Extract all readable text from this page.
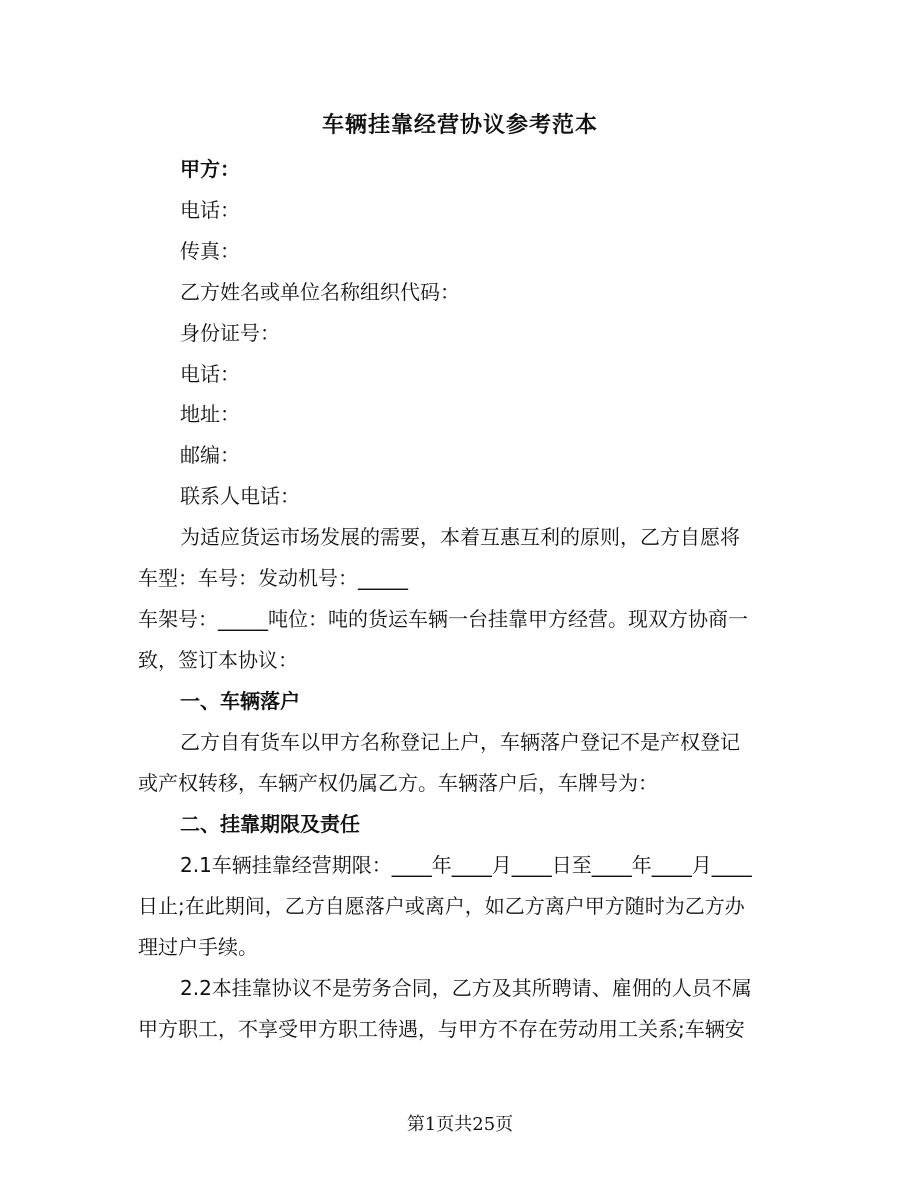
车辆挂靠经营协议参考范本
甲方：
电话：
传真：
乙方姓名或单位名称组织代码：
身份证号：
电话：
地址：
邮编：
联系人电话：
为适应货运市场发展的需要，本着互惠互利的原则，乙方自愿将
车型：车号：发动机号：_____
车架号：_____吨位：吨的货运车辆一台挂靠甲方经营。现双方协商一
致，签订本协议：
一、车辆落户
乙方自有货车以甲方名称登记上户，车辆落户登记不是产权登记
或产权转移，车辆产权仍属乙方。车辆落户后，车牌号为：
二、挂靠期限及责任
2.1车辆挂靠经营期限：____年____月____日至____年____月____
日止;在此期间，乙方自愿落户或离户，如乙方离户甲方随时为乙方办
理过户手续。
2.2本挂靠协议不是劳务合同，乙方及其所聘请、雇佣的人员不属
甲方职工，不享受甲方职工待遇，与甲方不存在劳动用工关系;车辆安
第1页共25页
